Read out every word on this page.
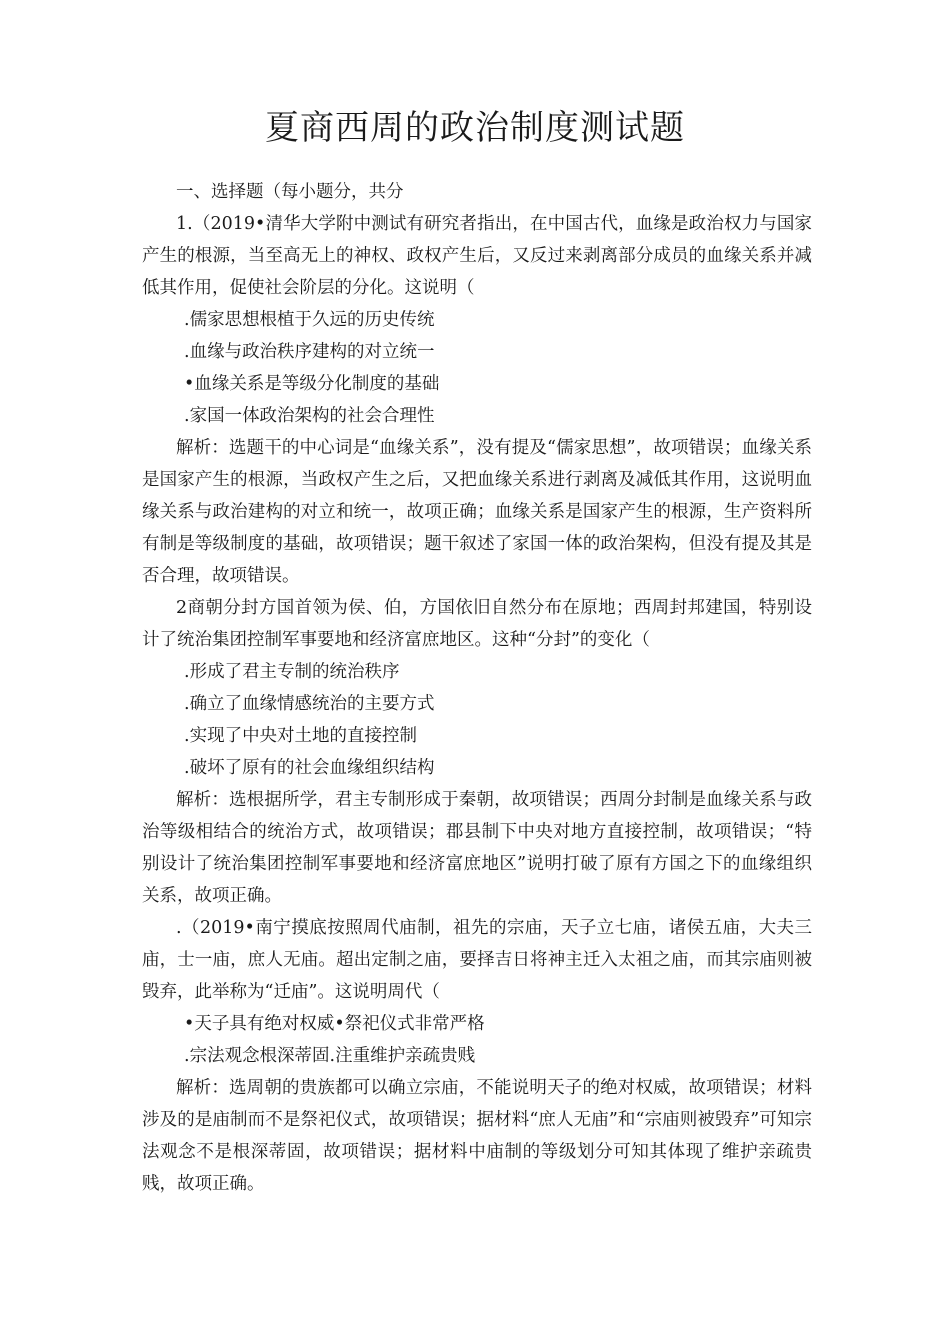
夏商西周的政治制度测试题

一、选择题（每小题分，共分

1.（2019•清华大学附中测试有研究者指出，在中国古代，血缘是政治权力与国家产生的根源，当至高无上的神权、政权产生后，又反过来剥离部分成员的血缘关系并减低其作用，促使社会阶层的分化。这说明（

.儒家思想根植于久远的历史传统

.血缘与政治秩序建构的对立统一

•血缘关系是等级分化制度的基础

.家国一体政治架构的社会合理性

解析：选题干的中心词是“血缘关系”，没有提及“儒家思想”，故项错误；血缘关系是国家产生的根源，当政权产生之后，又把血缘关系进行剥离及减低其作用，这说明血缘关系与政治建构的对立和统一，故项正确；血缘关系是国家产生的根源，生产资料所有制是等级制度的基础，故项错误；题干叙述了家国一体的政治架构，但没有提及其是否合理，故项错误。

2商朝分封方国首领为侯、伯，方国依旧自然分布在原地；西周封邦建国，特别设计了统治集团控制军事要地和经济富庶地区。这种“分封”的变化（

.形成了君主专制的统治秩序

.确立了血缘情感统治的主要方式

.实现了中央对土地的直接控制

.破坏了原有的社会血缘组织结构

解析：选根据所学，君主专制形成于秦朝，故项错误；西周分封制是血缘关系与政治等级相结合的统治方式，故项错误；郡县制下中央对地方直接控制，故项错误；“特别设计了统治集团控制军事要地和经济富庶地区”说明打破了原有方国之下的血缘组织关系，故项正确。

.（2019•南宁摸底按照周代庙制，祖先的宗庙，天子立七庙，诸侯五庙，大夫三庙，士一庙，庶人无庙。超出定制之庙，要择吉日将神主迁入太祖之庙，而其宗庙则被毁弃，此举称为“迁庙”。这说明周代（

•天子具有绝对权威•祭祀仪式非常严格

.宗法观念根深蒂固.注重维护亲疏贵贱

解析：选周朝的贵族都可以确立宗庙，不能说明天子的绝对权威，故项错误；材料涉及的是庙制而不是祭祀仪式，故项错误；据材料“庶人无庙”和“宗庙则被毁弃”可知宗法观念不是根深蒂固，故项错误；据材料中庙制的等级划分可知其体现了维护亲疏贵贱，故项正确。
